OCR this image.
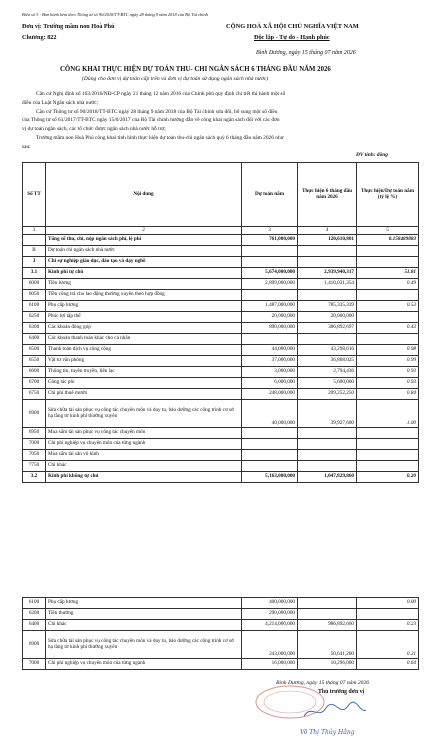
Biểu số 3 - Ban hành kèm theo Thông tư số 90/2018/TT-BTC ngày 28 tháng 9 năm 2018 của Bộ Tài chính
Đơn vị: Trường mầm non Hoà Phú
Chương: 822
CỘNG HOÀ XÃ HỘI CHỦ NGHĨA VIỆT NAM
Độc lập - Tự do - Hạnh phúc
Bình Dương, ngày 15 tháng 07 năm 2026
CÔNG KHAI THỰC HIỆN DỰ TOÁN THU- CHI NGÂN SÁCH 6 THÁNG ĐẦU NĂM 2026
(Dùng cho đơn vị dự toán cấp trên và đơn vị dự toán sử dụng ngân sách nhà nước)
Căn cứ Nghị định số 163/2016/NĐ-CP ngày 21 tháng 12 năm 2016 của Chính phủ quy định chi tiết thi hành một số
điều của Luật Ngân sách nhà nước;
Căn cứ Thông tư số 90/2018/TT-BTC ngày 28 tháng 9 năm 2018 của Bộ Tài chính sửa đổi, bổ sung một số điều
của Thông tư số 61/2017/TT-BTC ngày 15/6/2017 của Bộ Tài chính hướng dẫn về công khai ngân sách đối với các đơn
vị dự toán ngân sách, các tổ chức được ngân sách nhà nước hỗ trợ;
Trường mầm non Hoà Phú công khai tình hình thực hiện dự toán thu-chi ngân sách quý 6 tháng đầu năm 2026 như
sau:
ĐV tính: đồng
Số TT	Nội dung	Dự toán năm	Thực hiện 6 tháng đầu năm 2026	Thực hiện/Dự toán năm (tỷ lệ %)
1	2	3	4	5
	Tổng số thu, chi, nộp ngân sách phí, lệ phí	761,000,000	120,610,801	0.158489883
B	Dự toán chi ngân sách nhà nước			
3	Chi sự nghiệp giáo dục, đào tạo và dạy nghề			
3.1	Kinh phí tự chủ	5,674,000,000	2,939,940,317	51.81
6000	Tiền lương	2,899,000,000	1,410,031,354	0.49
6050	Tiền công trả cho lao động thường xuyên theo hợp đồng			
6100	Phụ cấp lương	1,487,000,000	785,335,339	0.53
6250	Phúc lợi tập thể	20,000,000	20,000,000	
6300	Các khoản đóng góp	890,000,000	386,892,697	0.43
6400	Các khoản thanh toán khác cho cá nhân			
6500	Thanh toán dịch vụ công cộng	44,000,000	43,298,616	0.98
6550	Vật tư văn phòng	37,000,000	36,808,025	0.99
6600	Thông tin, tuyên truyền, liên lạc	3,000,000	2,794,436	0.93
6700	Công tác phí	6,000,000	5,600,000	0.93
6750	Chi phí thuê mướn	248,000,000	209,252,250	0.84
6900	Sửa chữa tài sản phục vụ công tác chuyên môn và duy tu, bảo dưỡng các công trình cơ sở hạ tầng từ kinh phí thường xuyên	40,000,000	39,927,600	1.00
6950	Mua sắm tài sản phục vụ công tác chuyên môn			
7000	Chi phí nghiệp vụ chuyên môn của từng ngành			
7050	Mua sắm tài sản vô hình			
7750	Chi khác			
3.2	Kinh phí không tự chủ	5,163,000,000	1,047,829,860	0.20
6100	Phụ cấp lương	400,000,000		0.00
6200	Tiền thưởng	290,000,000		
6400	Chi khác	4,214,000,000	986,892,660	0.23
6900	Sửa chữa tài sản phục vụ công tác chuyên môn và duy tu, bảo dưỡng các công trình cơ sở hạ tầng từ kinh phí thường xuyên	243,000,000	50,641,200	0.21
7000	Chi phí nghiệp vụ chuyên môn của từng ngành	16,000,000	10,296,000	0.64
Bình Dương, ngày 15 tháng 07 năm 2026
Thủ trưởng đơn vị
Võ Thị Thủy Hằng
